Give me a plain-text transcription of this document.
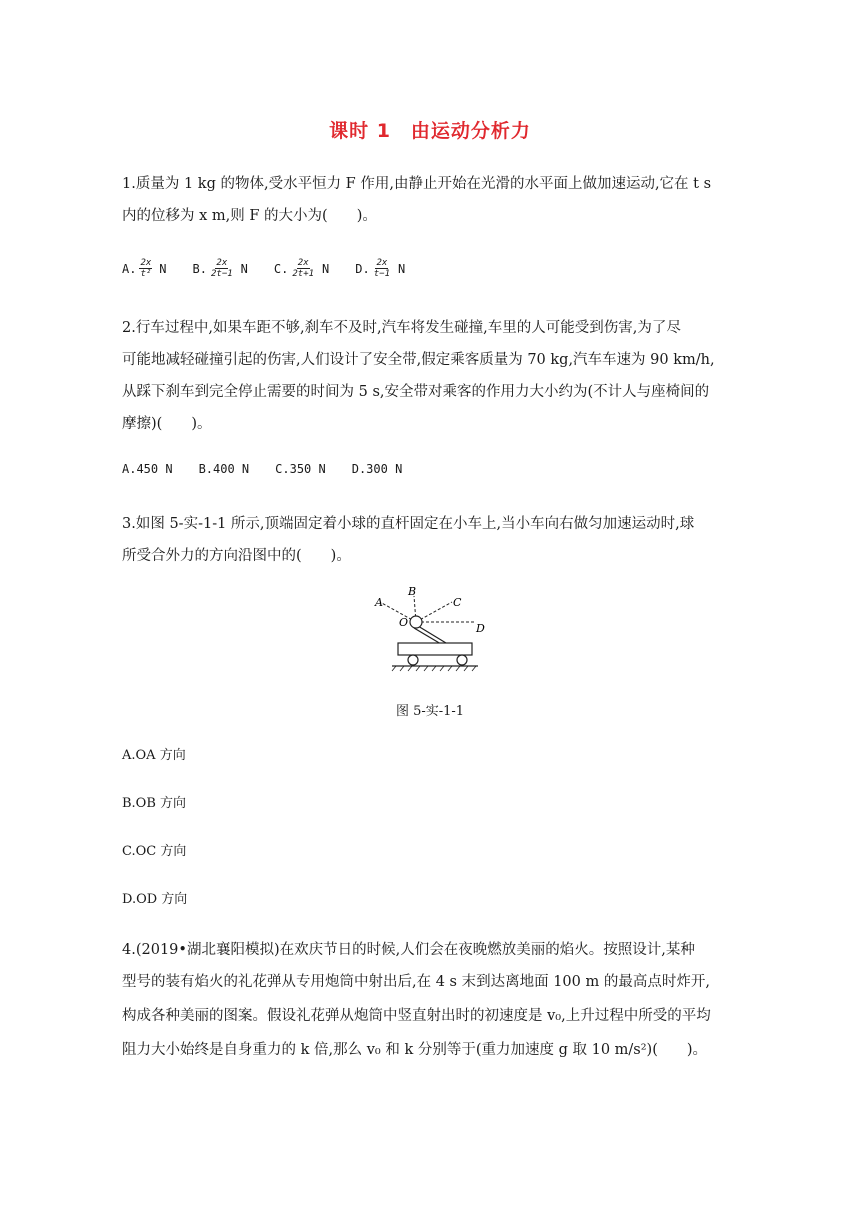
课时 1　由运动分析力

1.质量为 1 kg 的物体,受水平恒力 F 作用,由静止开始在光滑的水平面上做加速运动,它在 t s

内的位移为 x m,则 F 的大小为(　　)。

A. $\frac{2x}{\text{t²}}$ N B. $\frac{2x}{2t-1}$ N C. $\frac{2x}{2t+1}$ N D. $\frac{2x}{t-1}$ N

2.行车过程中,如果车距不够,刹车不及时,汽车将发生碰撞,车里的人可能受到伤害,为了尽

可能地减轻碰撞引起的伤害,人们设计了安全带,假定乘客质量为 70 kg,汽车车速为 90 km/h,

从踩下刹车到完全停止需要的时间为 5 s,安全带对乘客的作用力大小约为(不计人与座椅间的

摩擦)(　　)。

A.450 N B.400 N C.350 N D.300 N

3.如图 5-实-1-1 所示,顶端固定着小球的直杆固定在小车上,当小车向右做匀加速运动时,球

所受合外力的方向沿图中的(　　)。

A
B
C
D
O
图 5-实-1-1
A.OA 方向
B.OB 方向
C.OC 方向
D.OD 方向

4.(2019•湖北襄阳模拟)在欢庆节日的时候,人们会在夜晚燃放美丽的焰火。按照设计,某种

型号的装有焰火的礼花弹从专用炮筒中射出后,在 4 s 末到达离地面 100 m 的最高点时炸开,

构成各种美丽的图案。假设礼花弹从炮筒中竖直射出时的初速度是 v₀,上升过程中所受的平均

阻力大小始终是自身重力的 k 倍,那么 v₀ 和 k 分别等于(重力加速度 g 取 10 m/s²)(　　)。
